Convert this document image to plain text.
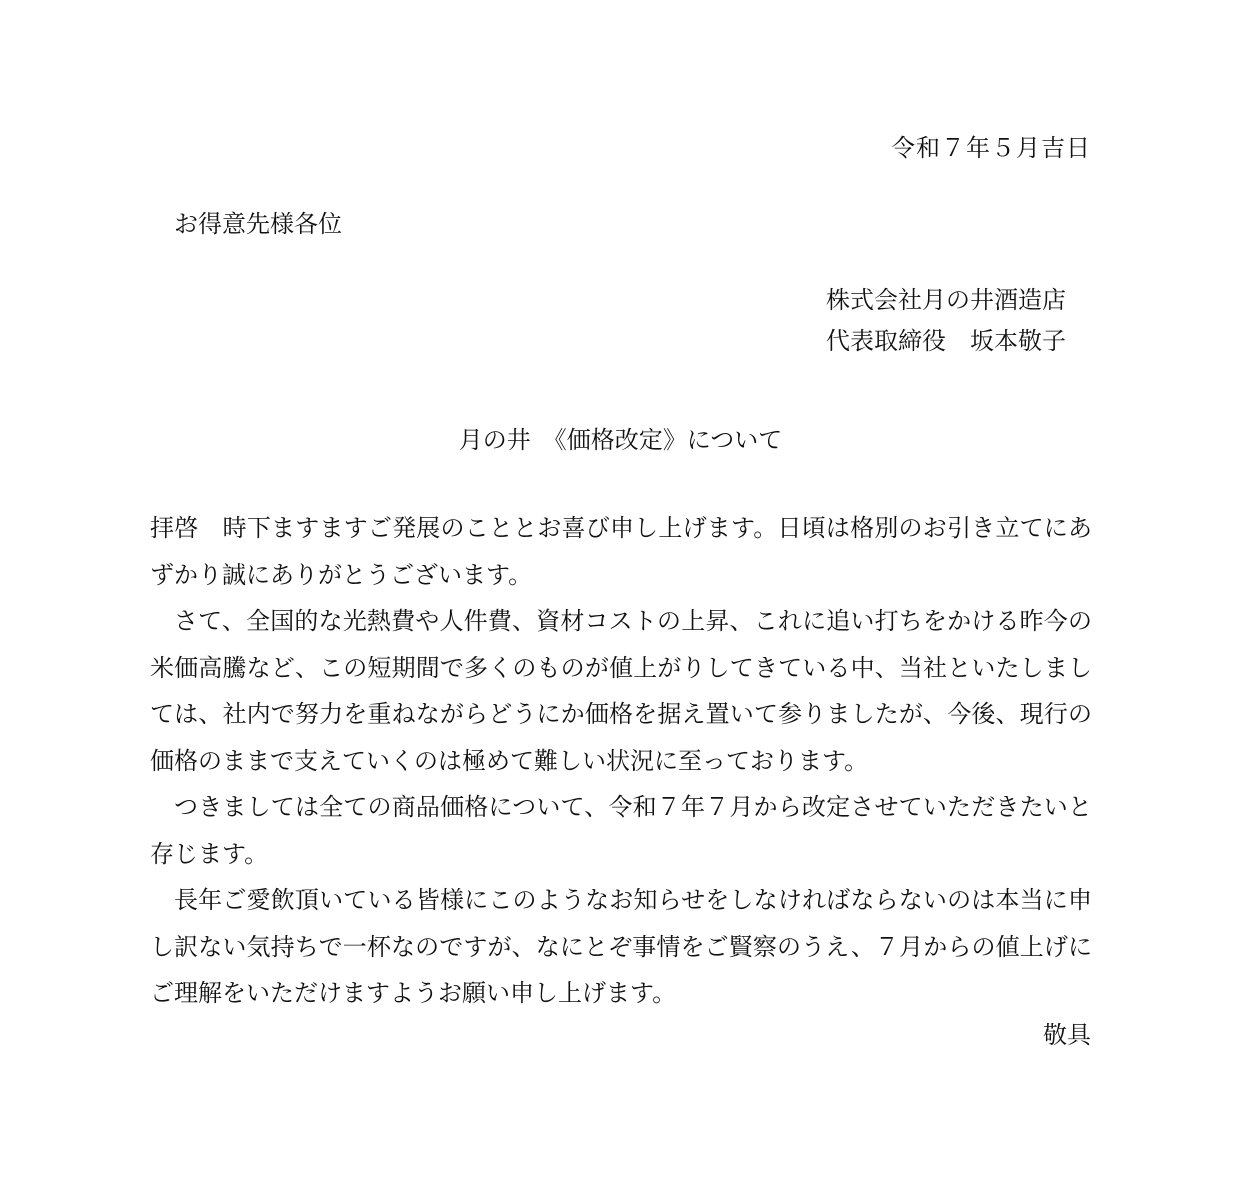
令和７年５月吉日
お得意先様各位
株式会社月の井酒造店
代表取締役　坂本敬子
月の井　《価格改定》について

拝啓　時下ますますご発展のこととお喜び申し上げます。日頃は格別のお引き立てにあずかり誠にありがとうございます。

さて、全国的な光熱費や人件費、資材コストの上昇、これに追い打ちをかける昨今の米価高騰など、この短期間で多くのものが値上がりしてきている中、当社といたしましては、社内で努力を重ねながらどうにか価格を据え置いて参りましたが、今後、現行の価格のままで支えていくのは極めて難しい状況に至っております。

つきましては全ての商品価格について、令和７年７月から改定させていただきたいと存じます。

長年ご愛飲頂いている皆様にこのようなお知らせをしなければならないのは本当に申し訳ない気持ちで一杯なのですが、なにとぞ事情をご賢察のうえ、７月からの値上げにご理解をいただけますようお願い申し上げます。

敬具
